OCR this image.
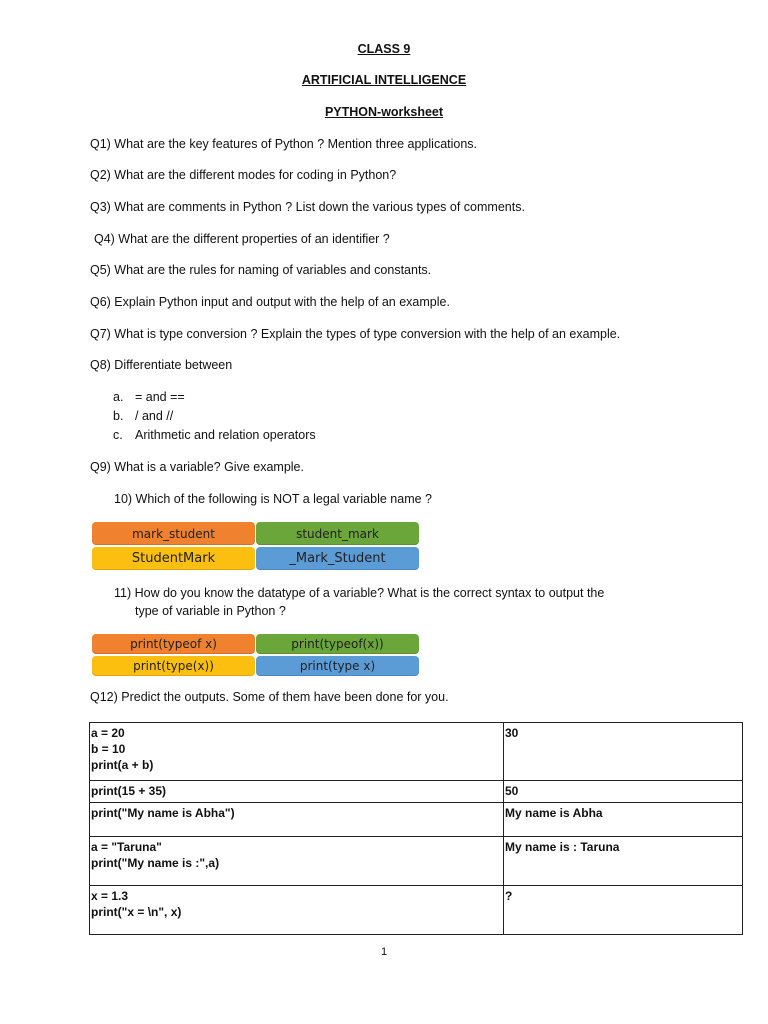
CLASS 9
ARTIFICIAL INTELLIGENCE
PYTHON-worksheet
Q1) What are the key features of Python ? Mention three applications.
Q2) What are the different modes for coding in Python?
Q3) What are comments in Python ? List down the various types of comments.
Q4) What are the different properties of an identifier ?
Q5) What are the rules for naming of variables and constants.
Q6) Explain Python input and output with the help of an example.
Q7) What is type conversion ? Explain the types of type conversion with the help of an example.
Q8) Differentiate between
a. = and ==
b. / and //
c. Arithmetic and relation operators
Q9) What is a variable? Give example.
10) Which of the following is NOT a legal variable name ?
mark_student	student_mark
StudentMark	_Mark_Student
11) How do you know the datatype of a variable? What is the correct syntax to output the
type of variable in Python ?
print(typeof x)	print(typeof(x))
print(type(x))	print(type x)
Q12) Predict the outputs. Some of them have been done for you.
a = 20
b = 10
print(a + b)	30

print(15 + 35)	50

print("My name is Abha")	My name is Abha

a = "Taruna"
print("My name is :",a)	My name is : Taruna

x = 1.3
print("x = \n", x)	?
1
